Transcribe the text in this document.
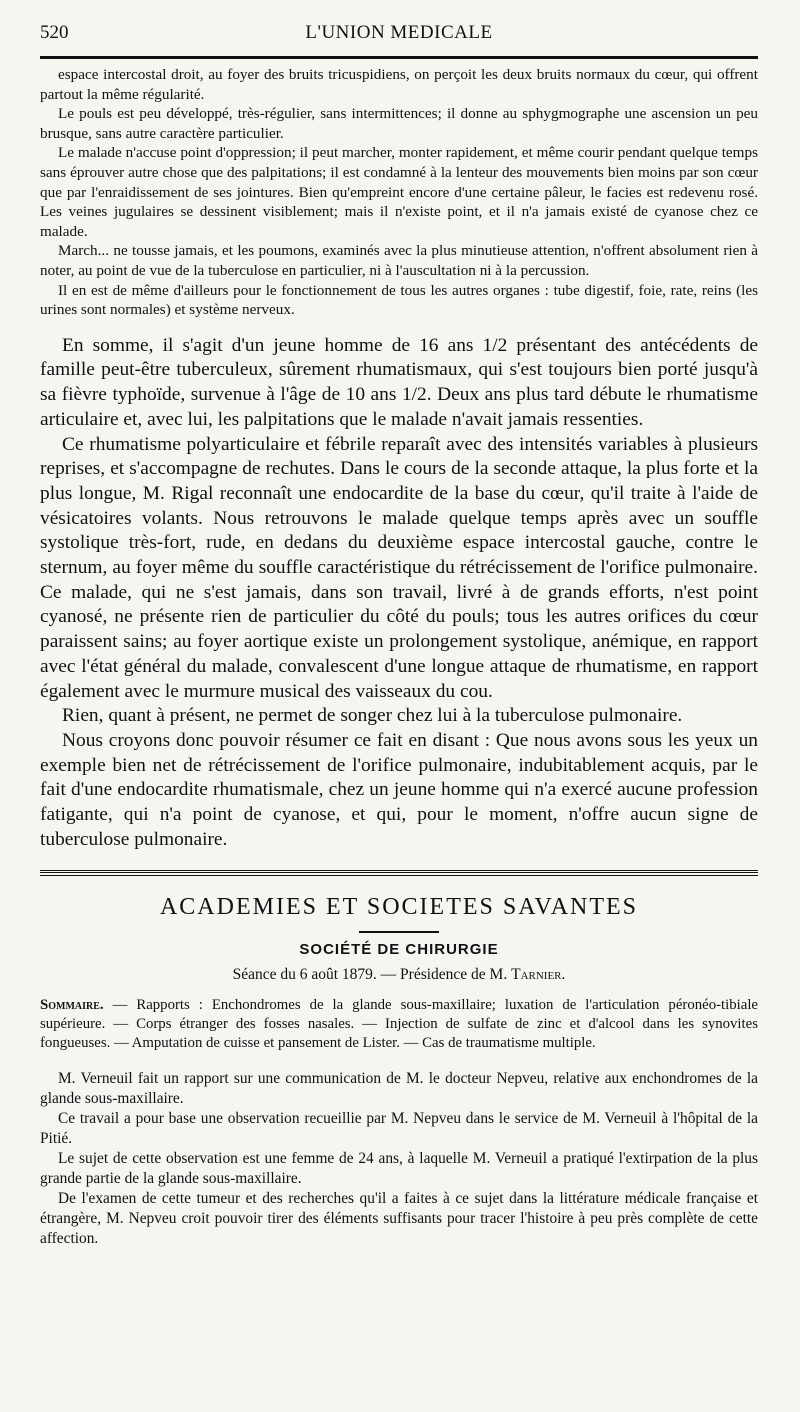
520	L'UNION MEDICALE

espace intercostal droit, au foyer des bruits tricuspidiens, on perçoit les deux bruits normaux du cœur, qui offrent partout la même régularité.

Le pouls est peu développé, très-régulier, sans intermittences; il donne au sphygmographe une ascension un peu brusque, sans autre caractère particulier.

Le malade n'accuse point d'oppression; il peut marcher, monter rapidement, et même courir pendant quelque temps sans éprouver autre chose que des palpitations; il est condamné à la lenteur des mouvements bien moins par son cœur que par l'enraidissement de ses jointures. Bien qu'empreint encore d'une certaine pâleur, le facies est redevenu rosé. Les veines jugulaires se dessinent visiblement; mais il n'existe point, et il n'a jamais existé de cyanose chez ce malade.

March... ne tousse jamais, et les poumons, examinés avec la plus minutieuse attention, n'offrent absolument rien à noter, au point de vue de la tuberculose en particulier, ni à l'auscultation ni à la percussion.

Il en est de même d'ailleurs pour le fonctionnement de tous les autres organes : tube digestif, foie, rate, reins (les urines sont normales) et système nerveux.

En somme, il s'agit d'un jeune homme de 16 ans 1/2 présentant des antécédents de famille peut-être tuberculeux, sûrement rhumatismaux, qui s'est toujours bien porté jusqu'à sa fièvre typhoïde, survenue à l'âge de 10 ans 1/2. Deux ans plus tard débute le rhumatisme articulaire et, avec lui, les palpitations que le malade n'avait jamais ressenties.

Ce rhumatisme polyarticulaire et fébrile reparaît avec des intensités variables à plusieurs reprises, et s'accompagne de rechutes. Dans le cours de la seconde attaque, la plus forte et la plus longue, M. Rigal reconnaît une endocardite de la base du cœur, qu'il traite à l'aide de vésicatoires volants. Nous retrouvons le malade quelque temps après avec un souffle systolique très-fort, rude, en dedans du deuxième espace intercostal gauche, contre le sternum, au foyer même du souffle caractéristique du rétrécissement de l'orifice pulmonaire. Ce malade, qui ne s'est jamais, dans son travail, livré à de grands efforts, n'est point cyanosé, ne présente rien de particulier du côté du pouls; tous les autres orifices du cœur paraissent sains; au foyer aortique existe un prolongement systolique, anémique, en rapport avec l'état général du malade, convalescent d'une longue attaque de rhumatisme, en rapport également avec le murmure musical des vaisseaux du cou.

Rien, quant à présent, ne permet de songer chez lui à la tuberculose pulmonaire.

Nous croyons donc pouvoir résumer ce fait en disant : Que nous avons sous les yeux un exemple bien net de rétrécissement de l'orifice pulmonaire, indubitablement acquis, par le fait d'une endocardite rhumatismale, chez un jeune homme qui n'a exercé aucune profession fatigante, qui n'a point de cyanose, et qui, pour le moment, n'offre aucun signe de tuberculose pulmonaire.

ACADEMIES ET SOCIETES SAVANTES
SOCIÉTÉ DE CHIRURGIE
Séance du 6 août 1879. — Présidence de M. Tarnier.
Sommaire. — Rapports : Enchondromes de la glande sous-maxillaire; luxation de l'articulation péronéo-tibiale supérieure. — Corps étranger des fosses nasales. — Injection de sulfate de zinc et d'alcool dans les synovites fongueuses. — Amputation de cuisse et pansement de Lister. — Cas de traumatisme multiple.

M. Verneuil fait un rapport sur une communication de M. le docteur Nepveu, relative aux enchondromes de la glande sous-maxillaire.

Ce travail a pour base une observation recueillie par M. Nepveu dans le service de M. Verneuil à l'hôpital de la Pitié.

Le sujet de cette observation est une femme de 24 ans, à laquelle M. Verneuil a pratiqué l'extirpation de la plus grande partie de la glande sous-maxillaire.

De l'examen de cette tumeur et des recherches qu'il a faites à ce sujet dans la littérature médicale française et étrangère, M. Nepveu croit pouvoir tirer des éléments suffisants pour tracer l'histoire à peu près complète de cette affection.
